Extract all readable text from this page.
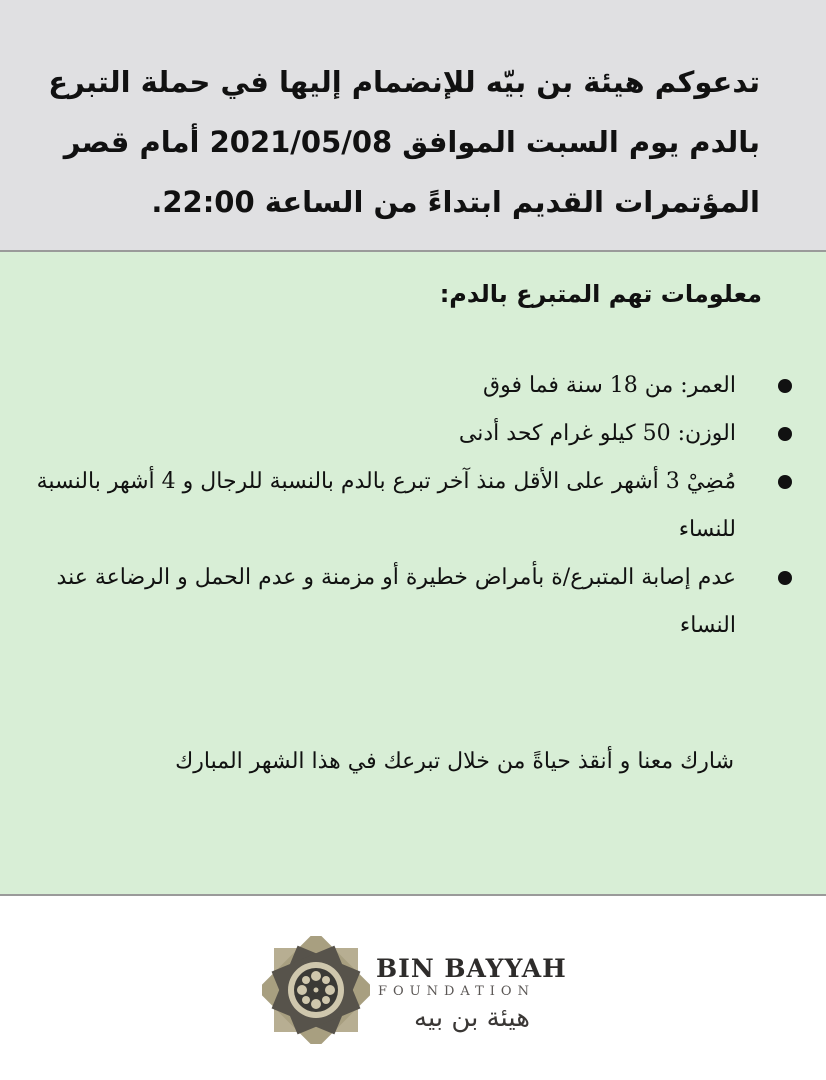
تدعوكم هيئة بن بيّه للإنضمام إليها في حملة التبرع بالدم يوم السبت الموافق 2021/05/08 أمام قصر المؤتمرات القديم ابتداءً من الساعة 22:00.

معلومات تهم المتبرع بالدم:

العمر: من 18 سنة فما فوق
الوزن: 50 كيلو غرام كحد أدنى
مُضِيْ 3 أشهر على الأقل منذ آخر تبرع بالدم بالنسبة للرجال و 4 أشهر بالنسبة للنساء
عدم إصابة المتبرع/ة بأمراض خطيرة أو مزمنة و عدم الحمل و الرضاعة عند النساء

شارك معنا و أنقذ حياةً من خلال تبرعك في هذا الشهر المبارك

BIN BAYYAH
FOUNDATION
هيئة بن بيه
